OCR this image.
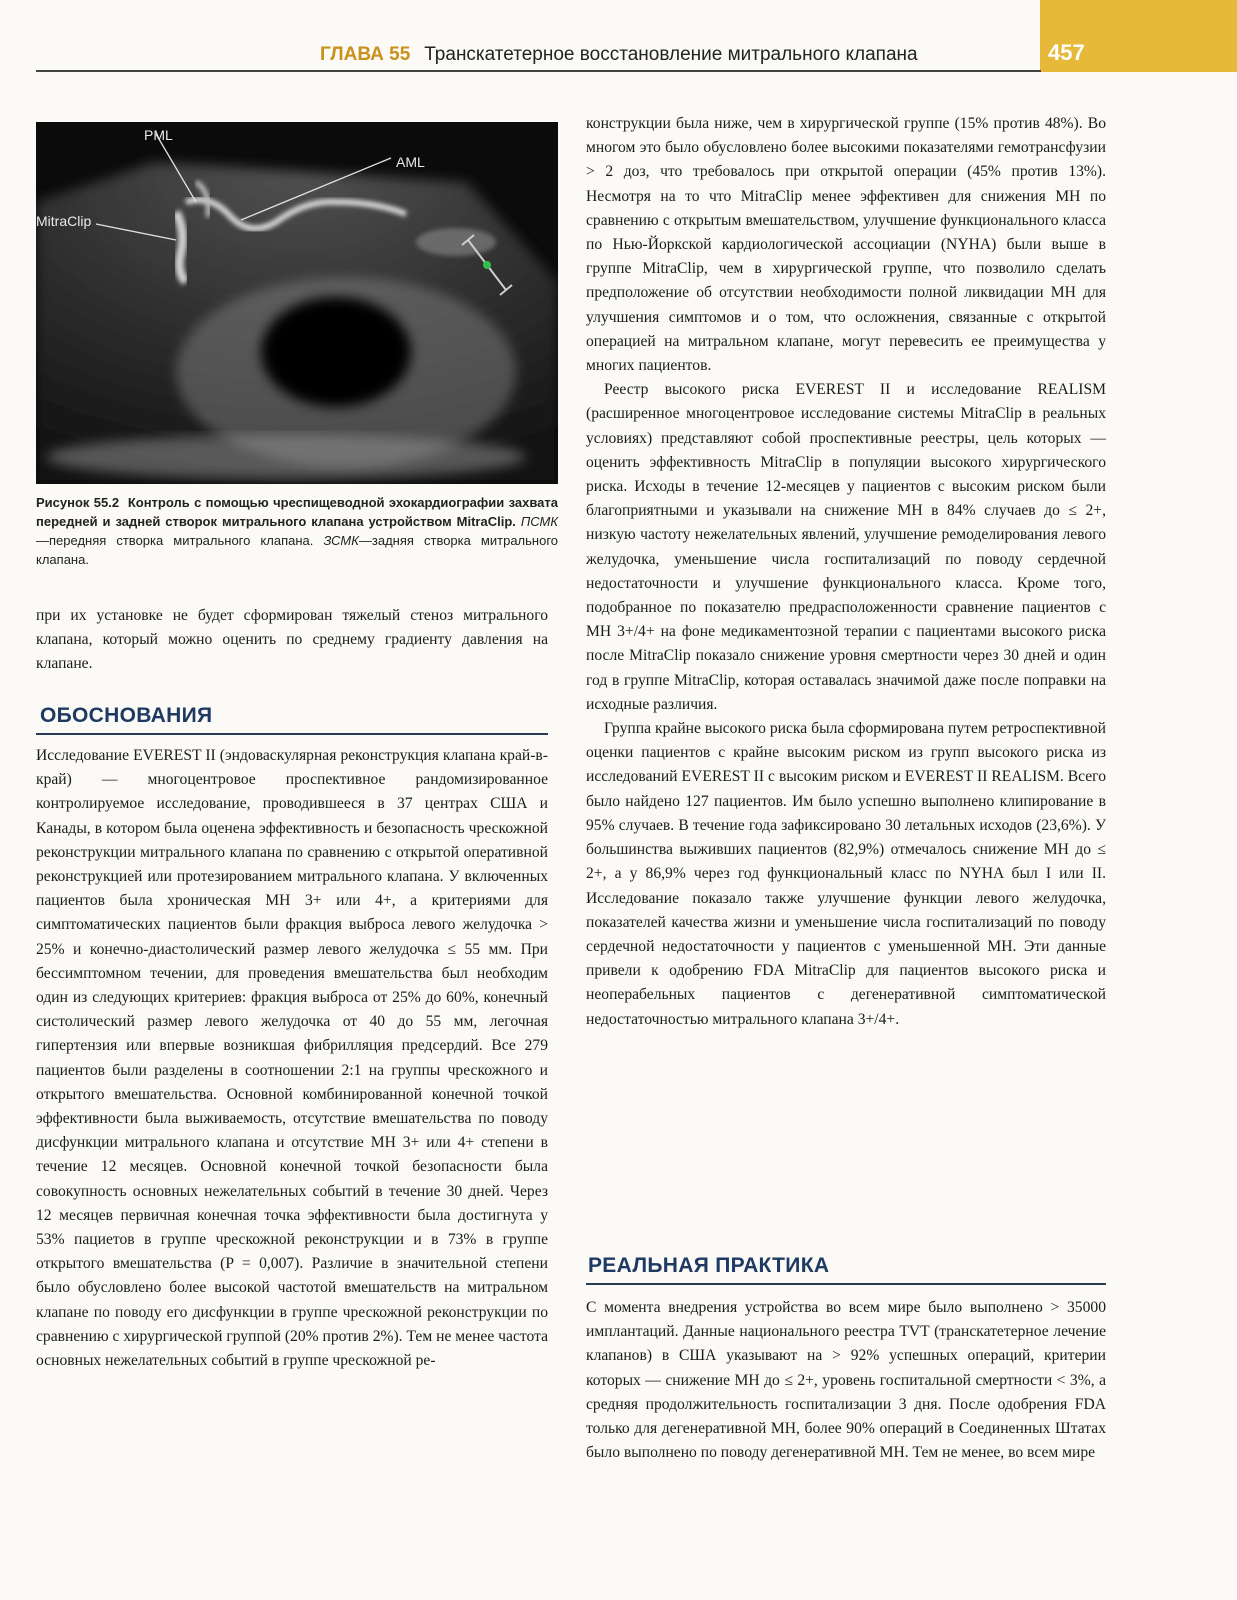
ГЛАВА 55 Транскатетерное восстановление митрального клапана	457
PML
AML
MitraClip
Рисунок 55.2 Контроль с помощью чреспищеводной эхокардиографии захвата передней и задней створок митрального клапана устройством MitraClip. ПСМК—передняя створка митрального клапана. ЗСМК—задняя створка митрального клапана.

при их установке не будет сформирован тяжелый стеноз митрального клапана, который можно оценить по среднему градиенту давления на клапане.

ОБОСНОВАНИЯ

Исследование EVEREST II (эндоваскулярная реконструкция клапана край-в-край) — многоцентровое проспективное рандомизированное контролируемое исследование, проводившееся в 37 центрах США и Канады, в котором была оценена эффективность и безопасность чрескожной реконструкции митрального клапана по сравнению с открытой оперативной реконструкцией или протезированием митрального клапана. У включенных пациентов была хроническая МН 3+ или 4+, а критериями для симптоматических пациентов были фракция выброса левого желудочка > 25% и конечно-диастолический размер левого желудочка ≤ 55 мм. При бессимптомном течении, для проведения вмешательства был необходим один из следующих критериев: фракция выброса от 25% до 60%, конечный систолический размер левого желудочка от 40 до 55 мм, легочная гипертензия или впервые возникшая фибрилляция предсердий. Все 279 пациентов были разделены в соотношении 2:1 на группы чрескожного и открытого вмешательства. Основной комбинированной конечной точкой эффективности была выживаемость, отсутствие вмешательства по поводу дисфункции митрального клапана и отсутствие МН 3+ или 4+ степени в течение 12 месяцев. Основной конечной точкой безопасности была совокупность основных нежелательных событий в течение 30 дней. Через 12 месяцев первичная конечная точка эффективности была достигнута у 53% пациетов в группе чрескожной реконструкции и в 73% в группе открытого вмешательства (P = 0,007). Различие в значительной степени было обусловлено более высокой частотой вмешательств на митральном клапане по поводу его дисфункции в группе чрескожной реконструкции по сравнению с хирургической группой (20% против 2%). Тем не менее частота основных нежелательных событий в группе чрескожной ре-

конструкции была ниже, чем в хирургической группе (15% против 48%). Во многом это было обусловлено более высокими показателями гемотрансфузии > 2 доз, что требовалось при открытой операции (45% против 13%). Несмотря на то что MitraClip менее эффективен для снижения МН по сравнению с открытым вмешательством, улучшение функционального класса по Нью-Йоркской кардиологической ассоциации (NYHA) были выше в группе MitraClip, чем в хирургической группе, что позволило сделать предположение об отсутствии необходимости полной ликвидации МН для улучшения симптомов и о том, что осложнения, связанные с открытой операцией на митральном клапане, могут перевесить ее преимущества у многих пациентов.

Реестр высокого риска EVEREST II и исследование REALISM (расширенное многоцентровое исследование системы MitraClip в реальных условиях) представляют собой проспективные реестры, цель которых — оценить эффективность MitraClip в популяции высокого хирургического риска. Исходы в течение 12-месяцев у пациентов с высоким риском были благоприятными и указывали на снижение МН в 84% случаев до ≤ 2+, низкую частоту нежелательных явлений, улучшение ремоделирования левого желудочка, уменьшение числа госпитализаций по поводу сердечной недостаточности и улучшение функционального класса. Кроме того, подобранное по показателю предрасположенности сравнение пациентов с МН 3+/4+ на фоне медикаментозной терапии с пациентами высокого риска после MitraClip показало снижение уровня смертности через 30 дней и один год в группе MitraClip, которая оставалась значимой даже после поправки на исходные различия.

Группа крайне высокого риска была сформирована путем ретроспективной оценки пациентов с крайне высоким риском из групп высокого риска из исследований EVEREST II с высоким риском и EVEREST II REALISM. Всего было найдено 127 пациентов. Им было успешно выполнено клипирование в 95% случаев. В течение года зафиксировано 30 летальных исходов (23,6%). У большинства выживших пациентов (82,9%) отмечалось снижение МН до ≤ 2+, а у 86,9% через год функциональный класс по NYHA был I или II. Исследование показало также улучшение функции левого желудочка, показателей качества жизни и уменьшение числа госпитализаций по поводу сердечной недостаточности у пациентов с уменьшенной МН. Эти данные привели к одобрению FDA MitraClip для пациентов высокого риска и неоперабельных пациентов с дегенеративной симптоматической недостаточностью митрального клапана 3+/4+.

РЕАЛЬНАЯ ПРАКТИКА

С момента внедрения устройства во всем мире было выполнено > 35000 имплантаций. Данные национального реестра TVT (транскатетерное лечение клапанов) в США указывают на > 92% успешных операций, критерии которых — снижение МН до ≤ 2+, уровень госпитальной смертности < 3%, а средняя продолжительность госпитализации 3 дня. После одобрения FDA только для дегенеративной МН, более 90% операций в Соединенных Штатах было выполнено по поводу дегенеративной МН. Тем не менее, во всем мире
